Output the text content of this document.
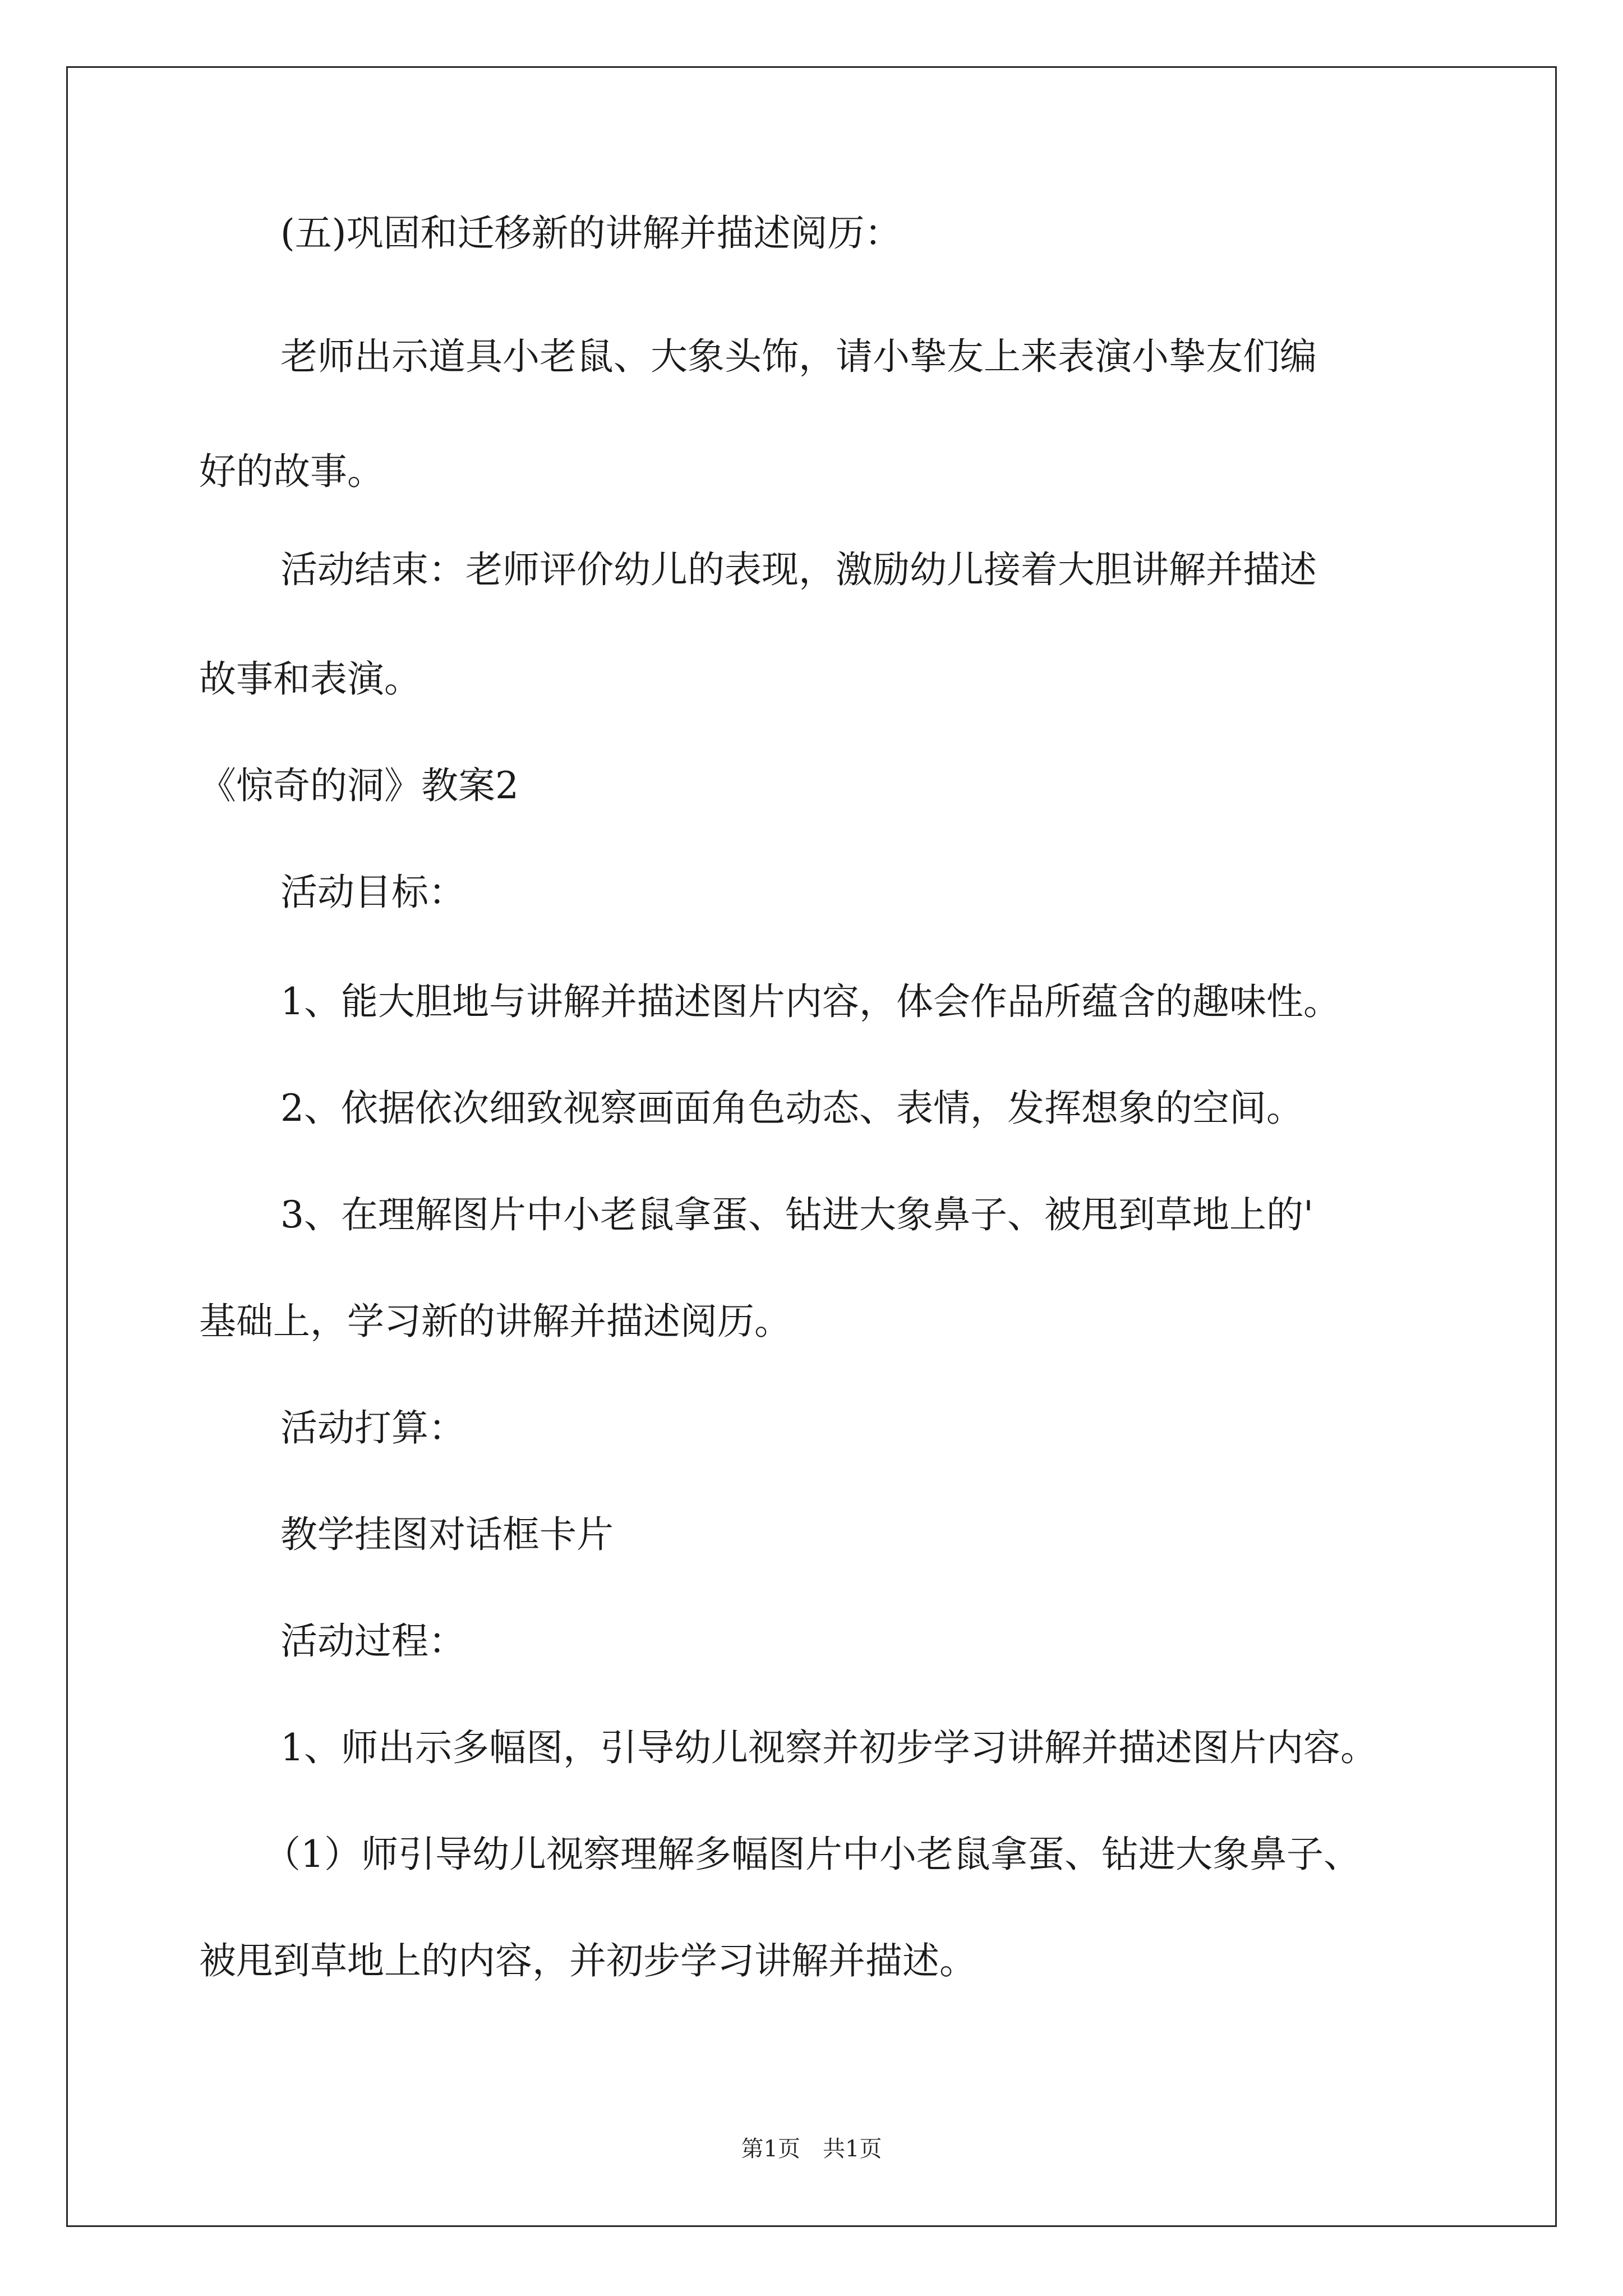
(五)巩固和迁移新的讲解并描述阅历：
老师出示道具小老鼠、大象头饰，请小挚友上来表演小挚友们编
好的故事。
活动结束：老师评价幼儿的表现，激励幼儿接着大胆讲解并描述
故事和表演。
《惊奇的洞》教案2
活动目标：
1、能大胆地与讲解并描述图片内容，体会作品所蕴含的趣味性。
2、依据依次细致视察画面角色动态、表情，发挥想象的空间。
3、在理解图片中小老鼠拿蛋、钻进大象鼻子、被甩到草地上的'
基础上，学习新的讲解并描述阅历。
活动打算：
教学挂图对话框卡片
活动过程：
1、师出示多幅图，引导幼儿视察并初步学习讲解并描述图片内容。
（1）师引导幼儿视察理解多幅图片中小老鼠拿蛋、钻进大象鼻子、
被甩到草地上的内容，并初步学习讲解并描述。
第1页 共1页
